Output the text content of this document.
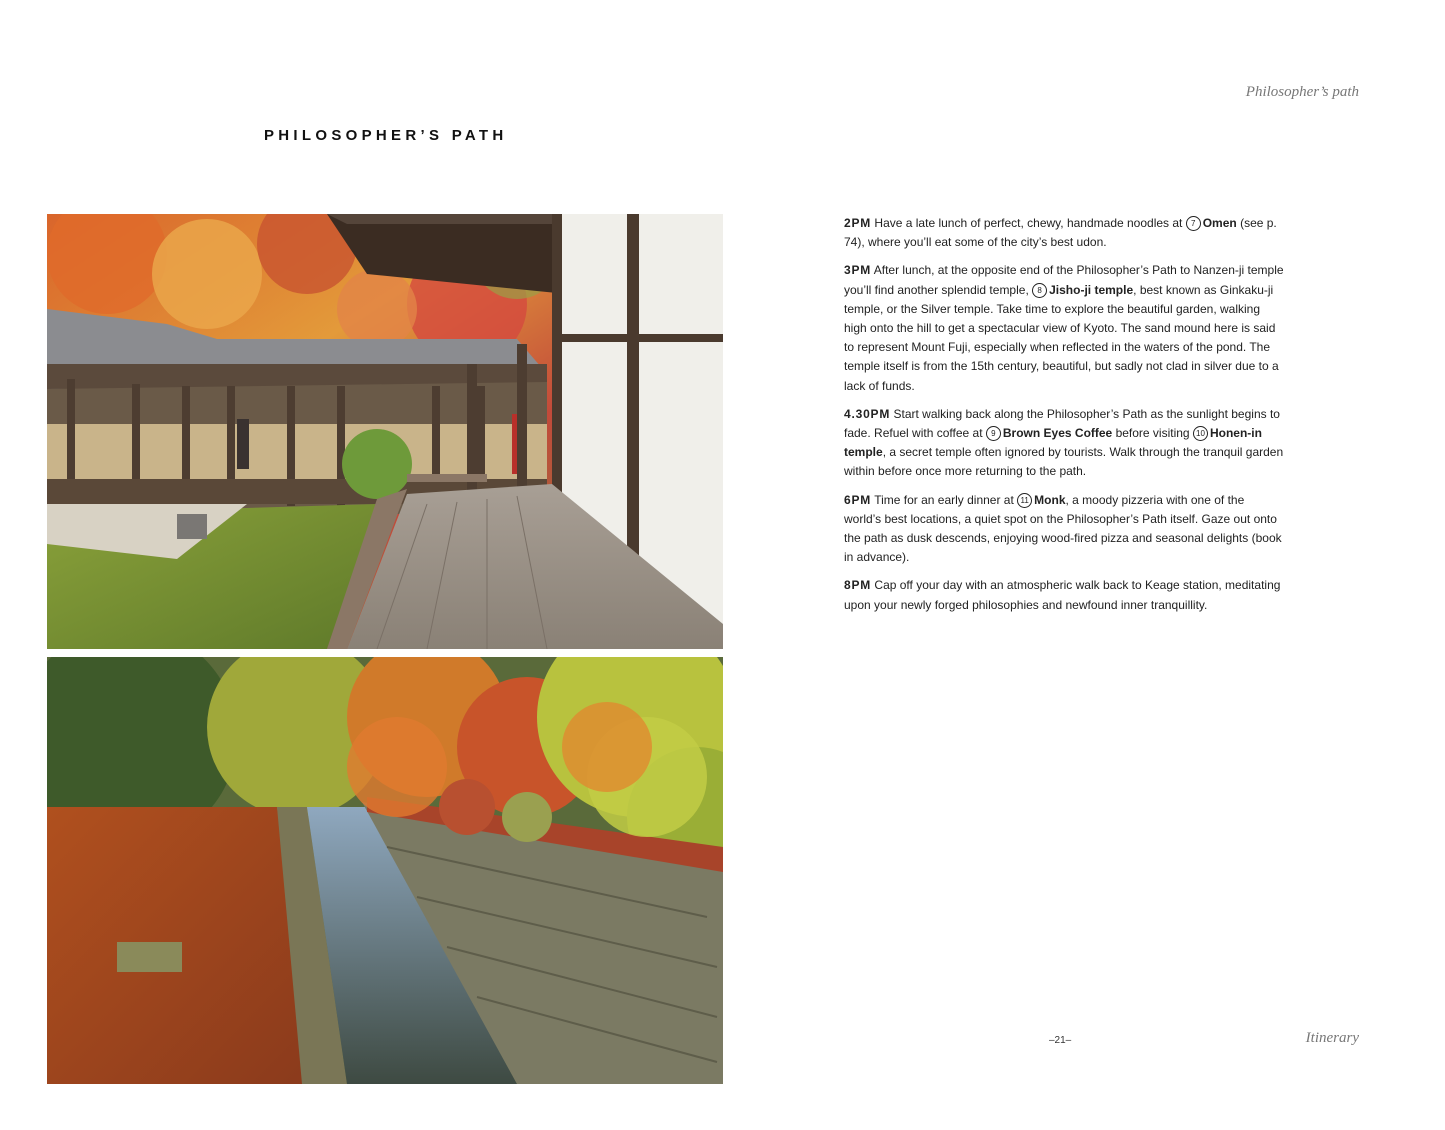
Philosopher’s path
PHILOSOPHER’S PATH

2PM Have a late lunch of perfect, chewy, handmade noodles at 7 Omen (see p. 74), where you’ll eat some of the city’s best udon.

3PM After lunch, at the opposite end of the Philosopher’s Path to Nanzen-ji temple you’ll find another splendid temple, 8 Jisho-ji temple, best known as Ginkaku-ji temple, or the Silver temple. Take time to explore the beautiful garden, walking high onto the hill to get a spectacular view of Kyoto. The sand mound here is said to represent Mount Fuji, especially when reflected in the waters of the pond. The temple itself is from the 15th century, beautiful, but sadly not clad in silver due to a lack of funds.

4.30PM Start walking back along the Philosopher’s Path as the sunlight begins to fade. Refuel with coffee at 9 Brown Eyes Coffee before visiting 10 Honen-in temple, a secret temple often ignored by tourists. Walk through the tranquil garden within before once more returning to the path.

6PM Time for an early dinner at 11 Monk, a moody pizzeria with one of the world’s best locations, a quiet spot on the Philosopher’s Path itself. Gaze out onto the path as dusk descends, enjoying wood-fired pizza and seasonal delights (book in advance).

8PM Cap off your day with an atmospheric walk back to Keage station, meditating upon your newly forged philosophies and newfound inner tranquillity.

–21–	Itinerary
